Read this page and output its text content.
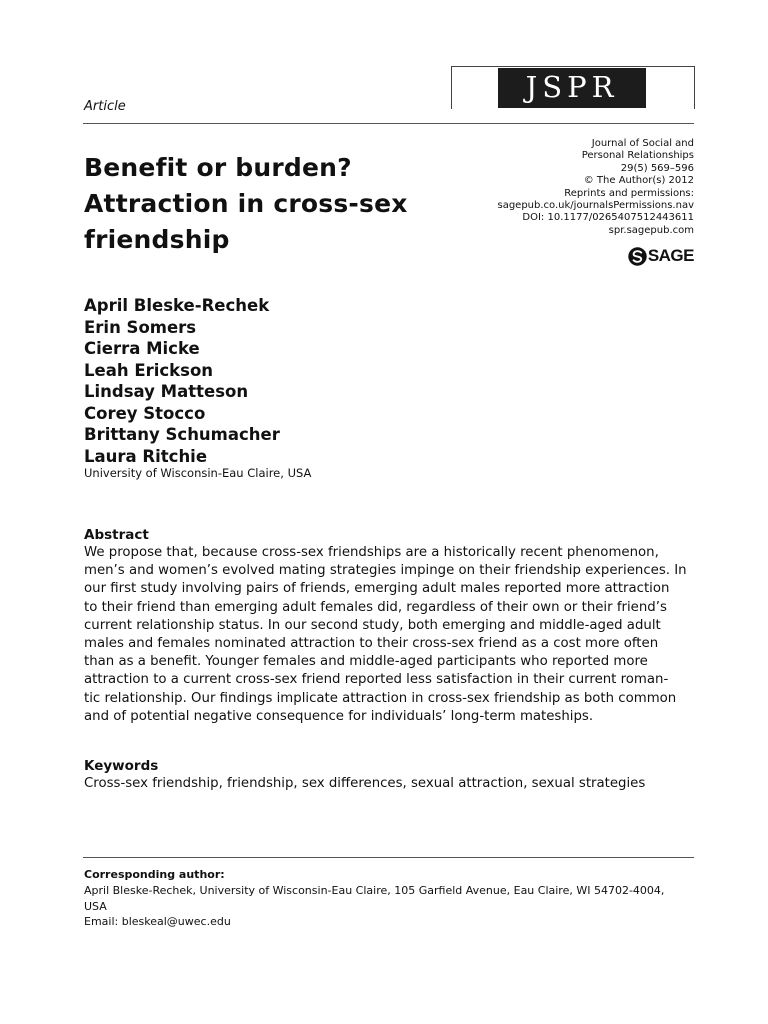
JSPR
Article
Benefit or burden?
Attraction in cross-sex
friendship
Journal of Social and
Personal Relationships
29(5) 569–596
© The Author(s) 2012
Reprints and permissions:
sagepub.co.uk/journalsPermissions.nav
DOI: 10.1177/0265407512443611
spr.sagepub.com
SAGE
April Bleske-Rechek
Erin Somers
Cierra Micke
Leah Erickson
Lindsay Matteson
Corey Stocco
Brittany Schumacher
Laura Ritchie
University of Wisconsin-Eau Claire, USA
Abstract
We propose that, because cross-sex friendships are a historically recent phenomenon,
men’s and women’s evolved mating strategies impinge on their friendship experiences. In
our first study involving pairs of friends, emerging adult males reported more attraction
to their friend than emerging adult females did, regardless of their own or their friend’s
current relationship status. In our second study, both emerging and middle-aged adult
males and females nominated attraction to their cross-sex friend as a cost more often
than as a benefit. Younger females and middle-aged participants who reported more
attraction to a current cross-sex friend reported less satisfaction in their current roman-
tic relationship. Our findings implicate attraction in cross-sex friendship as both common
and of potential negative consequence for individuals’ long-term mateships.
Keywords
Cross-sex friendship, friendship, sex differences, sexual attraction, sexual strategies
Corresponding author:
April Bleske-Rechek, University of Wisconsin-Eau Claire, 105 Garfield Avenue, Eau Claire, WI 54702-4004,
USA
Email: bleskeal@uwec.edu
